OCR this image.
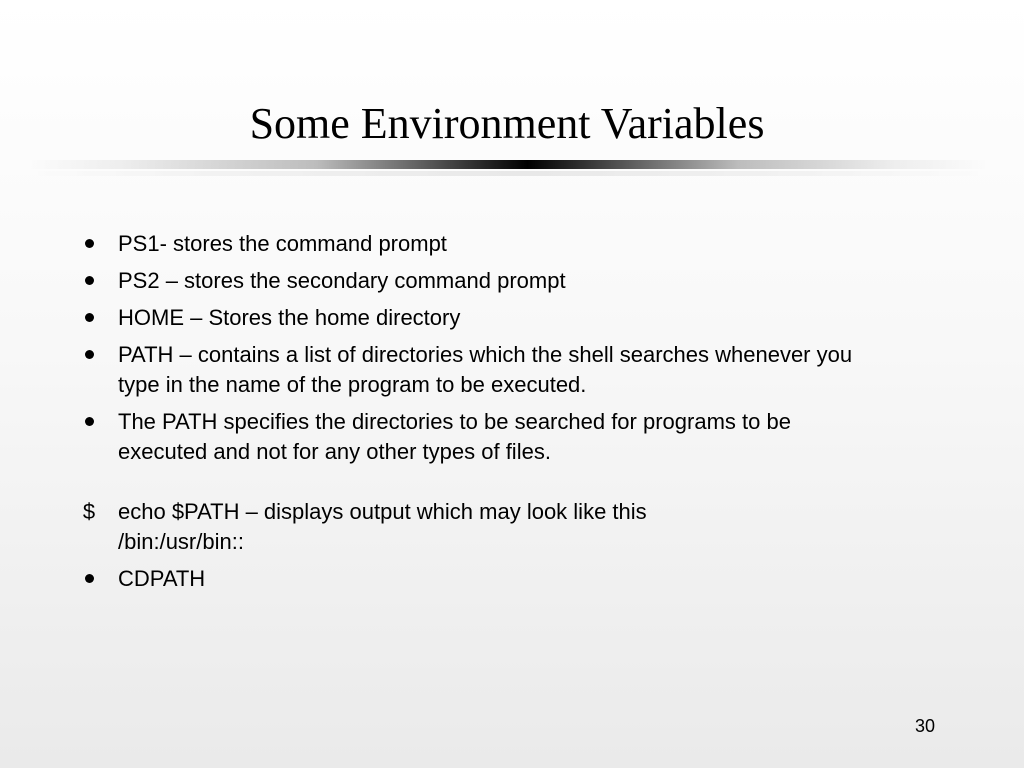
Some Environment Variables
PS1- stores the command prompt
PS2 – stores the secondary command prompt
HOME – Stores the home directory
PATH – contains a list of directories which the shell searches whenever you
type in the name of the program to be executed.
The PATH specifies the directories to be searched for programs to be
executed and not for any other types of files.
$	echo $PATH – displays output which may look like this
/bin:/usr/bin::
CDPATH
30
